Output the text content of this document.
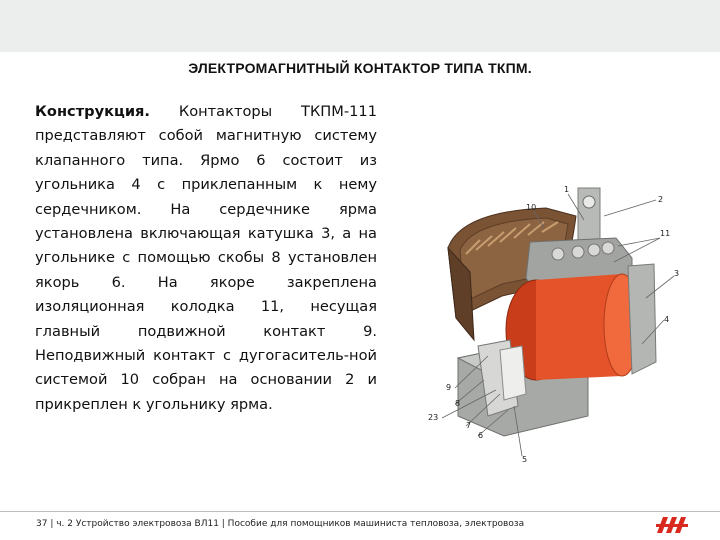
ЭЛЕКТРОМАГНИТНЫЙ КОНТАКТОР ТИПА ТКПМ.

Конструкция. Контакторы ТКПМ-111 представляют собой магнитную систему клапанного типа. Ярмо 6 состоит из угольника 4 с приклепанным к нему сердечником. На сердечнике ярма установлена включающая катушка 3, а на угольнике с помощью скобы 8 установлен якорь 6. На якоре закреплена изоляционная колодка 11, несущая главный подвижной контакт 9. Неподвижный контакт с дугогаситель-ной системой 10 собран на основании 2 и прикреплен к угольнику ярма.

1
2
3
4
5
6
7
8
9
10
11
23
37 | ч. 2 Устройство электровоза ВЛ11 | Пособие для помощников машиниста тепловоза, электровоза
